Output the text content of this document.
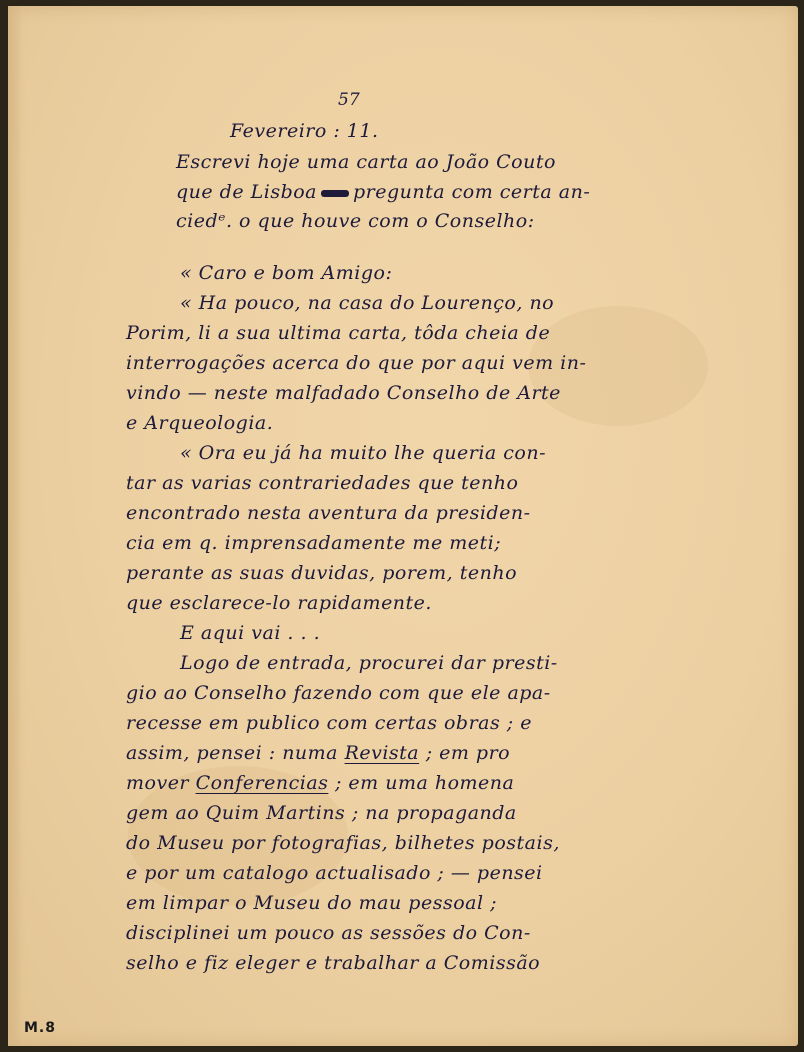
57
Fevereiro : 11.
Escrevi hoje uma carta ao João Couto
que de Lisboa pregunta com certa an-
ciedᵉ. o que houve com o Conselho:
« Caro e bom Amigo:
« Ha pouco, na casa do Lourenço, no
Porim, li a sua ultima carta, tôda cheia de
interrogações acerca do que por aqui vem in-
vindo — neste malfadado Conselho de Arte
e Arqueologia.
« Ora eu já ha muito lhe queria con-
tar as varias contrariedades que tenho
encontrado nesta aventura da presiden-
cia em q. imprensadamente me meti;
perante as suas duvidas, porem, tenho
que esclarece-lo rapidamente.
E aqui vai . . .
Logo de entrada, procurei dar presti-
gio ao Conselho fazendo com que ele apa-
recesse em publico com certas obras ; e
assim, pensei : numa Revista ; em pro
mover Conferencias ; em uma homena
gem ao Quim Martins ; na propaganda
do Museu por fotografias, bilhetes postais,
e por um catalogo actualisado ; — pensei
em limpar o Museu do mau pessoal ;
disciplinei um pouco as sessões do Con-
selho e fiz eleger e trabalhar a Comissão
M.8
